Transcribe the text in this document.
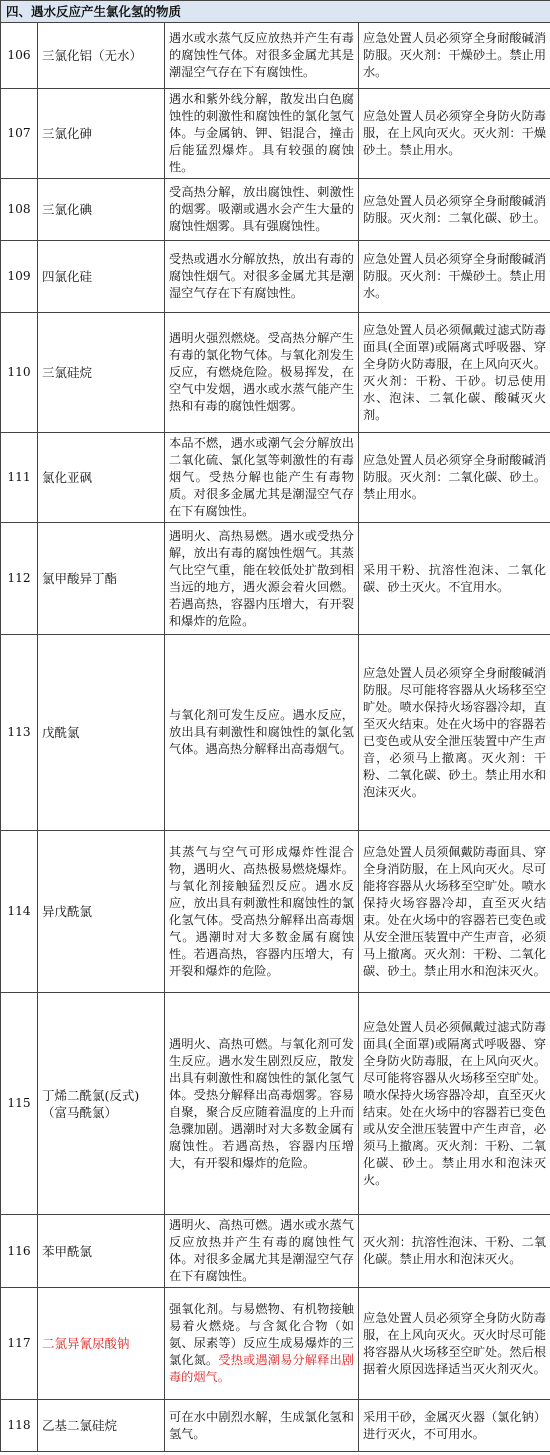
四、遇水反应产生氯化氢的物质			
106	三氯化铝（无水）	遇水或水蒸气反应放热并产生有毒的腐蚀性气体。对很多金属尤其是潮湿空气存在下有腐蚀性。	应急处置人员必须穿全身耐酸碱消防服。灭火剂：干燥砂土。禁止用水。
107	三氯化砷	遇水和紫外线分解，散发出白色腐蚀性的刺激性和腐蚀性的氯化氢气体。与金属钠、钾、铝混合，撞击后能猛烈爆炸。具有较强的腐蚀性。	应急处置人员必须穿全身防火防毒服，在上风向灭火。灭火剂：干燥砂土。禁止用水。
108	三氯化碘	受高热分解，放出腐蚀性、刺激性的烟雾。吸潮或遇水会产生大量的腐蚀性烟雾。具有强腐蚀性。	应急处置人员必须穿全身耐酸碱消防服。灭火剂：二氧化碳、砂土。
109	四氯化硅	受热或遇水分解放热，放出有毒的腐蚀性烟气。对很多金属尤其是潮湿空气存在下有腐蚀性。	应急处置人员必须穿全身耐酸碱消防服。灭火剂：干燥砂土。禁止用水。
110	三氯硅烷	遇明火强烈燃烧。受高热分解产生有毒的氯化物气体。与氧化剂发生反应，有燃烧危险。极易挥发，在空气中发烟，遇水或水蒸气能产生热和有毒的腐蚀性烟雾。	应急处置人员必须佩戴过滤式防毒面具(全面罩)或隔离式呼吸器、穿全身防火防毒服，在上风向灭火。灭火剂：干粉、干砂。切忌使用水、泡沫、二氧化碳、酸碱灭火剂。
111	氯化亚砜	本品不燃，遇水或潮气会分解放出二氧化硫、氯化氢等刺激性的有毒烟气。受热分解也能产生有毒物质。对很多金属尤其是潮湿空气存在下有腐蚀性。	应急处置人员必须穿全身耐酸碱消防服。灭火剂：二氧化碳、砂土。禁止用水。
112	氯甲酸异丁酯	遇明火、高热易燃。遇水或受热分解，放出有毒的腐蚀性烟气。其蒸气比空气重，能在较低处扩散到相当远的地方，遇火源会着火回燃。若遇高热，容器内压增大，有开裂和爆炸的危险。	采用干粉、抗溶性泡沫、二氧化碳、砂土灭火。不宜用水。
113	戊酰氯	与氧化剂可发生反应。遇水反应，放出具有刺激性和腐蚀性的氯化氢气体。遇高热分解释出高毒烟气。	应急处置人员必须穿全身耐酸碱消防服。尽可能将容器从火场移至空旷处。喷水保持火场容器冷却，直至灭火结束。处在火场中的容器若已变色或从安全泄压装置中产生声音，必须马上撤离。灭火剂：干粉、二氧化碳、砂土。禁止用水和泡沫灭火。
114	异戊酰氯	其蒸气与空气可形成爆炸性混合物，遇明火、高热极易燃烧爆炸。与氧化剂接触猛烈反应。遇水反应，放出具有刺激性和腐蚀性的氯化氢气体。受高热分解释出高毒烟气。遇潮时对大多数金属有腐蚀性。若遇高热，容器内压增大，有开裂和爆炸的危险。	应急处置人员须佩戴防毒面具、穿全身消防服，在上风向灭火。尽可能将容器从火场移至空旷处。喷水保持火场容器冷却，直至灭火结束。处在火场中的容器若已变色或从安全泄压装置中产生声音，必须马上撤离。灭火剂：干粉、二氧化碳、砂土。禁止用水和泡沫灭火。
115	丁烯二酰氯(反式)（富马酰氯）	遇明火、高热可燃。与氧化剂可发生反应。遇水发生剧烈反应，散发出具有刺激性和腐蚀性的氯化氢气体。受热分解释出高毒烟雾。容易自聚，聚合反应随着温度的上升而急骤加剧。遇潮时对大多数金属有腐蚀性。若遇高热，容器内压增大，有开裂和爆炸的危险。	应急处置人员必须佩戴过滤式防毒面具(全面罩)或隔离式呼吸器、穿全身防火防毒服，在上风向灭火。尽可能将容器从火场移至空旷处。喷水保持火场容器冷却，直至灭火结束。处在火场中的容器若已变色或从安全泄压装置中产生声音，必须马上撤离。灭火剂：干粉、二氧化碳、砂土。禁止用水和泡沫灭火。
116	苯甲酰氯	遇明火、高热可燃。遇水或水蒸气反应放热并产生有毒的腐蚀性气体。对很多金属尤其是潮湿空气存在下有腐蚀性。	灭火剂：抗溶性泡沫、干粉、二氧化碳。禁止用水和泡沫灭火。
117	二氯异氰尿酸钠	强氧化剂。与易燃物、有机物接触易着火燃烧。与含氮化合物（如氨、尿素等）反应生成易爆炸的三氯化氮。受热或遇潮易分解释出剧毒的烟气。	应急处置人员必须穿全身防火防毒服，在上风向灭火。灭火时尽可能将容器从火场移至空旷处。然后根据着火原因选择适当灭火剂灭火。
118	乙基二氯硅烷	可在水中剧烈水解，生成氯化氢和氢气。	采用干砂，金属灭火器（氯化钠）进行灭火，不可用水。
